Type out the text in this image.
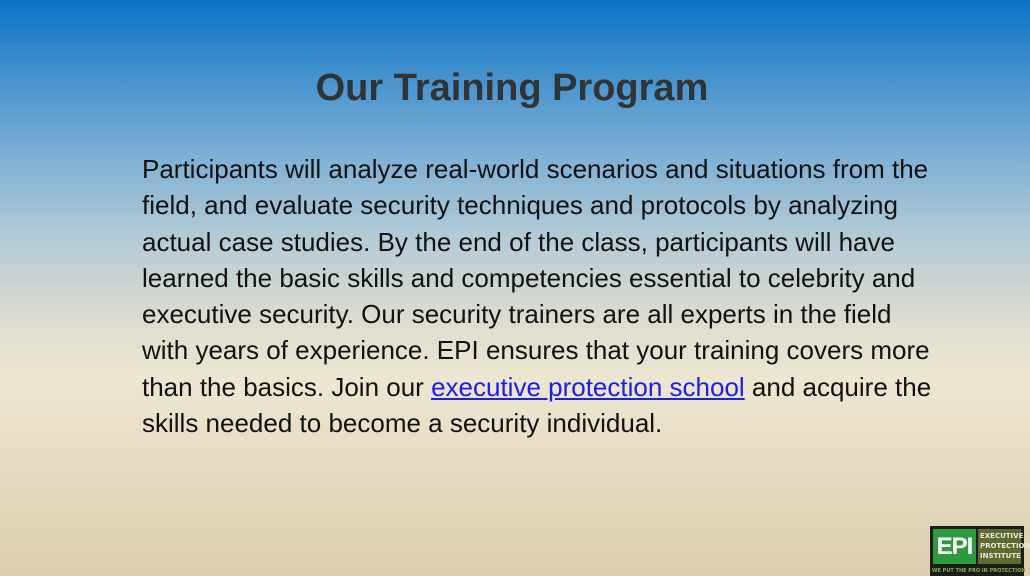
Our Training Program

Participants will analyze real-world scenarios and situations from the field, and evaluate security techniques and protocols by analyzing actual case studies. By the end of the class, participants will have learned the basic skills and competencies essential to celebrity and executive security. Our security trainers are all experts in the field with years of experience. EPI ensures that your training covers more than the basics. Join our executive protection school and acquire the skills needed to become a security individual.

EPI EXECUTIVE
PROTECTION
INSTITUTE
WE PUT THE PRO IN PROTECTION
